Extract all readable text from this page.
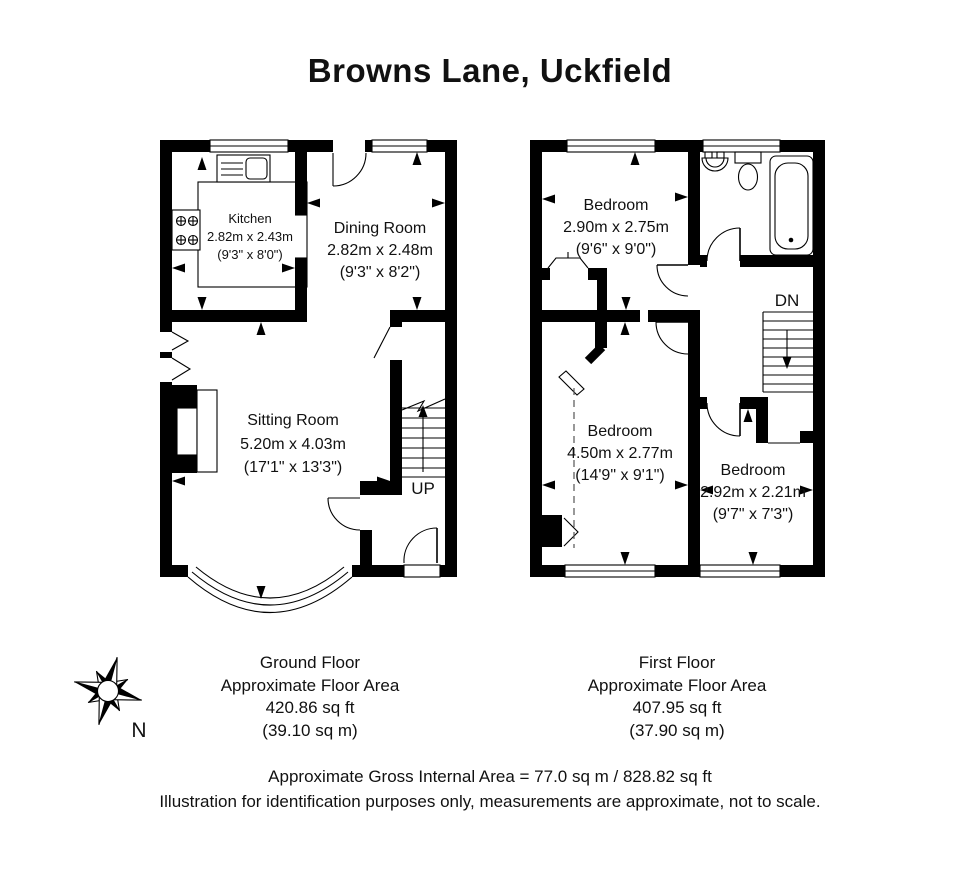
Browns Lane, Uckfield
UP
Kitchen
2.82m x 2.43m
(9'3" x 8'0")
Dining Room
2.82m x 2.48m
(9'3" x 8'2")
Sitting Room
5.20m x 4.03m
(17'1" x 13'3")
DN
Bedroom
2.90m x 2.75m
(9'6" x 9'0")
Bedroom
4.50m x 2.77m
(14'9" x 9'1")	Bedroom
2.92m x 2.21m
(9'7" x 7'3")
N
Ground Floor
Approximate Floor Area
420.86 sq ft
(39.10 sq m)
First Floor
Approximate Floor Area
407.95 sq ft
(37.90 sq m)
Approximate Gross Internal Area = 77.0 sq m / 828.82 sq ft
Illustration for identification purposes only, measurements are approximate, not to scale.
